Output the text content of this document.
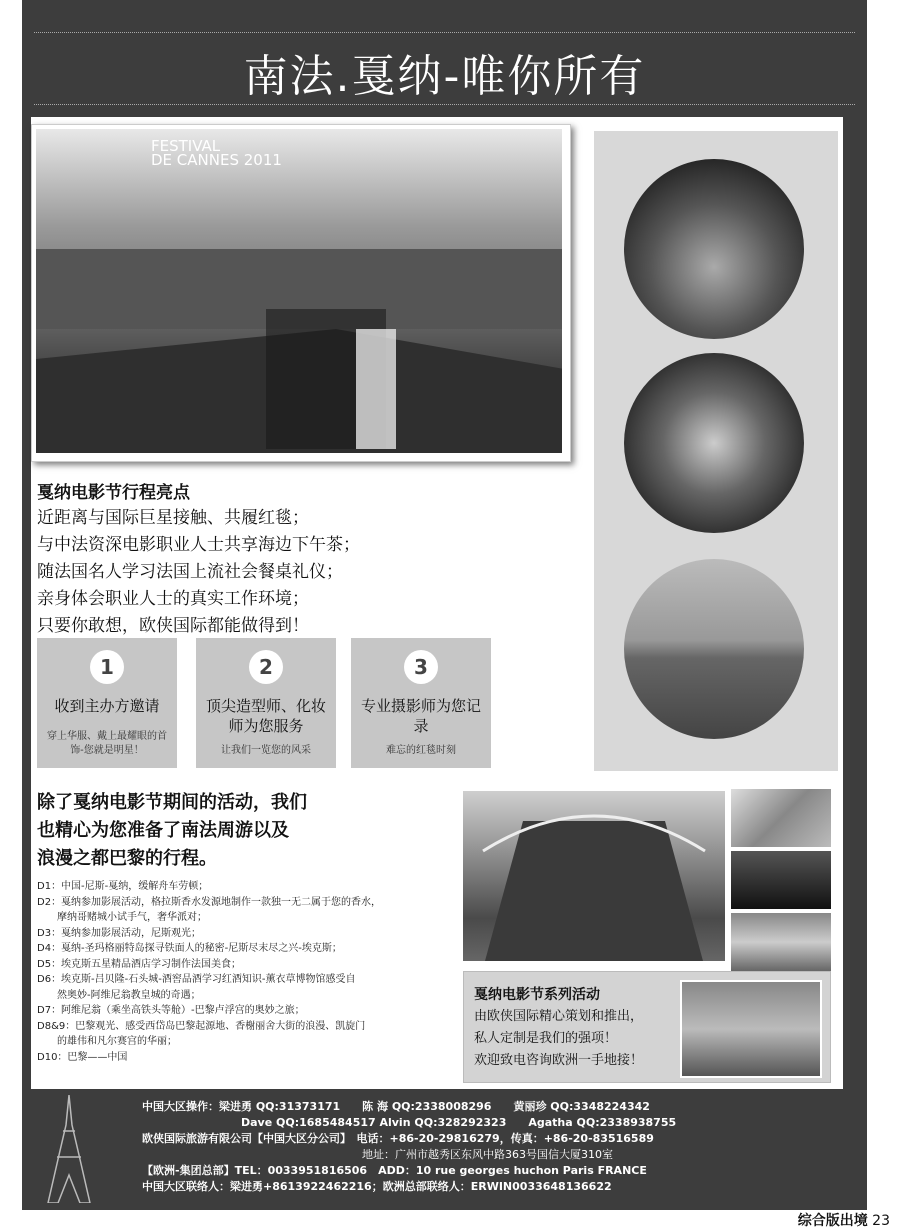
南法.戛纳-唯你所有
FESTIVAL
DE CANNES 2011
戛纳电影节行程亮点
近距离与国际巨星接触、共履红毯；
与中法资深电影职业人士共享海边下午茶；
随法国名人学习法国上流社会餐桌礼仪；
亲身体会职业人士的真实工作环境；
只要你敢想，欧侠国际都能做得到！
1
收到主办方邀请
穿上华服、戴上最耀眼的首饰-您就是明星！
2
顶尖造型师、化妆师为您服务
让我们一览您的风采
3
专业摄影师为您记录
难忘的红毯时刻
除了戛纳电影节期间的活动，我们
也精心为您准备了南法周游以及
浪漫之都巴黎的行程。
D1：中国-尼斯-戛纳，缓解舟车劳顿；
D2：戛纳参加影展活动，格拉斯香水发源地制作一款独一无二属于您的香水，
　　摩纳哥赌城小试手气，奢华派对；
D3：戛纳参加影展活动，尼斯观光；
D4：戛纳-圣玛格丽特岛探寻铁面人的秘密-尼斯尽末尽之兴-埃克斯；
D5：埃克斯五星精品酒店学习制作法国美食；
D6：埃克斯-吕贝隆-石头城-酒窖品酒学习红酒知识-薰衣草博物馆感受自
　　然奥妙-阿维尼翁教皇城的奇遇；
D7：阿维尼翁（乘坐高铁头等舱）-巴黎卢浮宫的奥妙之旅；
D8&9：巴黎观光、感受西岱岛巴黎起源地、香榭丽舍大街的浪漫、凯旋门
　　的雄伟和凡尔赛宫的华丽；
D10：巴黎——中国
戛纳电影节系列活动
由欧侠国际精心策划和推出，
私人定制是我们的强项！
欢迎致电咨询欧洲一手地接！
中国大区操作：梁进勇 QQ:31373171　　陈 海 QQ:2338008296　　黄丽珍 QQ:3348224342
　　　　　　　　　Dave QQ:1685484517 Alvin QQ:328292323　　Agatha QQ:2338938755
欧侠国际旅游有限公司【中国大区分公司】　电话：+86-20-29816279，传真：+86-20-83516589
　　　　　　　　　　　　　　　　　　　　地址：广州市越秀区东风中路363号国信大厦310室
【欧洲-集团总部】TEL：0033951816506　ADD：10 rue georges huchon Paris FRANCE
中国大区联络人：梁进勇+8613922462216；欧洲总部联络人：ERWIN0033648136622
综合版出境 23
